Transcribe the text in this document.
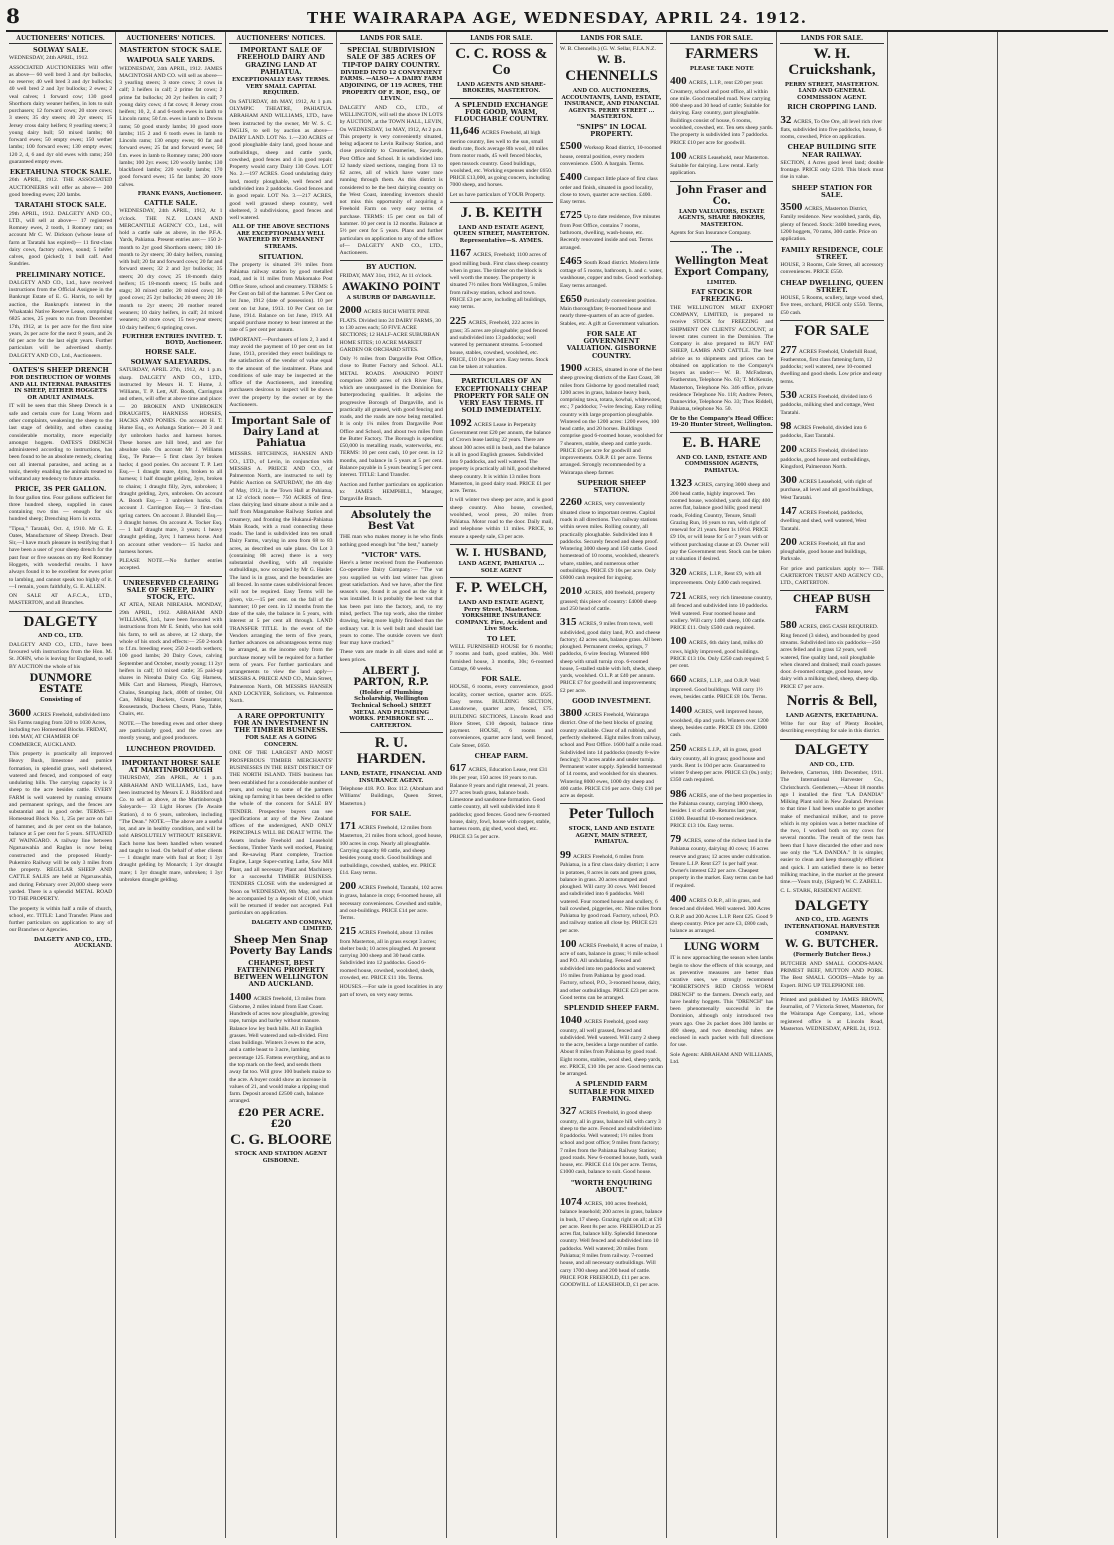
8	THE WAIRARAPA AGE, WEDNESDAY, APRIL 24. 1912.
AUCTIONEERS' NOTICES.
SOLWAY SALE.
WEDNESDAY, 24th APRIL, 1912.
ASSOCIATED AUCTIONEERS Will offer as above— 60 well bred 3 and 4yr bullocks, no reserve; 40 well bred 3 and 4yr bullocks; 40 well bred 2 and 3yr bullocks; 2 ewes; 2 veal calves; 1 forward cow; 130 good Shorthorn dairy weaner heifers, in lots to suit purchasers; 12 forward cows; 20 store cows; 3 steers; 35 dry steers; 40 2yr steers; 15 Jersey cross dairy heifers; 8 yearling steers; 3 young dairy bull; 50 mixed lambs; 60 forward ewes; 50 empty ewes; 150 wether lambs; 100 forward ewes; 130 empty ewes; 120 2, 4, 6 and 4yr old ewes with rams; 250 guaranteed empty ewes.
EKETAHUNA STOCK SALE.
26th APRIL, 1912. THE ASSOCIATED AUCTIONEERS will offer as above— 200 good breeding ewes; 220 lambs.
TARATAHI STOCK SALE.
29th APRIL, 1912. DALGETY AND CO., LTD., will sell at above— 17 registered Romney ewes, 2 tooth, 1 Romney ram; on account Mr C. W. Dickson (whose lease of farm at Taratahi has expired)— 11 first-class dairy cows, factory calves, sound; 5 heifer calves, good (picked); 1 bull calf. And Sundries.
PRELIMINARY NOTICE.
DALGETY AND CO., Ltd., have received instructions from the Official Assignee in the Bankrupt Estate of E. G. Harris, to sell by auction, the Bankrupt's interest in the Whakataki Native Reserve Lease, comprising 6825 acres, 25 years to run from December 17th, 1912, at 1s per acre for the first nine years, 2s per acre for the next 8 years, and 2s 6d per acre for the last eight years. Further particulars will be advertised shortly. DALGETY AND CO., Ltd., Auctioneers.
OATES'S SHEEP DRENCH
FOR DESTRUCTION OF WORMS AND ALL INTERNAL PARASITES IN SHEEP, EITHER HOGGETS OR ADULT ANIMALS.
IT will be seen that this Sheep Drench is a safe and certain cure for Lung Worm and other complaints, weakening the sheep to the last stage of debility, and often causing considerable mortality, more especially amongst hoggets. OATES'S DRENCH administered according to instructions, has been found to be an absolute remedy, clearing out all internal parasites, and acting as a tonic, thereby enabling the animals treated to withstand any tendency to future attacks.
PRICE, 3S PER GALLON.
In four gallon tins. Four gallons sufficient for three hundred sheep, supplied in cases containing two tins — enough for six hundred sheep; Drenching Horn 1s extra.
"Tipua," Taratahi, Oct. 4, 1910. Mr G. E. Oates, Manufacturer of Sheep Drench. Dear Sir,—I have much pleasure in testifying that I have been a user of your sheep drench for the past four or five seasons on my Red Romney Hoggets, with wonderful results. I have always found it to be excellent for ewes prior to lambing, and cannot speak too highly of it.—I remain, yours faithfully, G. E. ALLEN.
ON SALE AT A.F.C.A., LTD., MASTERTON, and all Branches.
DALGETY
AND CO., LTD.
DALGETY AND CO., LTD., have been favoured with instructions from the Hon. M. St. JOHN, who is leaving for England, to sell BY AUCTION the whole of his
DUNMORE ESTATE
Consisting of
3600 ACRES Freehold, subdivided into Six Farms ranging from 320 to 1030 Acres, including two Homestead Blocks. FRIDAY, 10th MAY, AT CHAMBER OF COMMERCE, AUCKLAND.
This property is practically all improved Heavy Bush, limestone and pumice formation, in splendid grass, well sheltered, watered and fenced, and composed of easy undulating hills. The carrying capacity is 3 sheep to the acre besides cattle. EVERY FARM is well watered by running streams and permanent springs, and the fences are substantial and in good order. TERMS.—Homestead Block No. 1, 25s per acre on fall of hammer, and 4s per cent on the balance, balance at 5 per cent for 5 years. SITUATED AT WAINGARO. A railway line between Ngaruawahia and Raglan is now being constructed and the proposed Huntly-Pukemiro Railway will be only 3 miles from the property. REGULAR SHEEP AND CATTLE SALES are held at Ngaruawahia, and during February over 20,000 sheep were yarded. There is a splendid METAL ROAD TO THE PROPERTY.
The property is within half a mile of church, school, etc. TITLE: Land Transfer. Plans and further particulars on application to any of our Branches or Agencies.
DALGETY AND CO., LTD., AUCKLAND.
AUCTIONEERS' NOTICES.
MASTERTON STOCK SALE.
WAIPOUA SALE YARDS.
WEDNESDAY, 24th APRIL, 1912. JAMES MACINTOSH AND CO. will sell as above— 3 yearling steers; 3 store cows; 3 cows in calf; 3 heifers in calf; 2 prime fat cows; 2 prime fat bullocks; 20 2yr heifers in calf; 7 young dairy cows; 4 fat cows; 8 Jersey cross heifers; 10, 2, 4 and 6-tooth ewes in lamb to Lincoln rams; 50 f.m. ewes in lamb to Downs rams; 50 good sturdy lambs; 10 good store lambs; 115 2 and 6 tooth ewes in lamb to Lincoln rams; 130 empty ewes; 60 fat and forward ewes; 25 fat and forward ewes; 50 f.m. ewes in lamb to Romney rams; 200 store lambs; 100 2yr. ewes; 120 woolly lambs; 130 blackfaced lambs; 220 woolly lambs; 170 good forward ewes; 15 fat lambs; 20 store calves.
FRANK EVANS, Auctioneer.
CATTLE SALE.
WEDNESDAY, 24th APRIL, 1912, At 1 o'clock. THE N.Z. LOAN AND MERCANTILE AGENCY CO., Ltd., will hold a cattle sale as above, in the P.F.A. Yards, Pahiatua. Present entries are:— 150 2-month to 2yr good Shorthorn steers; 180 18-month to 2yr steers; 30 dairy heifers, running with bull; 20 fat and forward cows; 20 fat and forward steers; 32 2 and 3yr bullocks; 35 steers; 20 dry cows; 25 18-month dairy heifers; 15 18-month steers; 15 bulls and stags; 30 mixed cattle; 20 mixed cows; 30 good cows; 25 2yr bullocks; 20 steers; 20 18-month to 2yr steers; 20 mother reared weaners; 10 dairy heifers, in calf; 24 mixed weaners; 20 store cows; 15 two-year steers; 10 dairy heifers; 6 springing cows.
FURTHER ENTRIES INVITED. T. BOYD, Auctioneer.
HORSE SALE.
SOLWAY SALEYARDS.
SATURDAY, APRIL 27th, 1912, At 1 p.m. sharp. DALGETY AND CO., LTD., instructed by Messrs H. T. Hume, J. Williams, T. P. Lett, Alf. Booth, Carrington and others, will offer at above time and place:— 20 BROKEN AND UNBROKEN DRAUGHTS, HARNESS HORSES, HACKS AND PONIES. On account H. T. Hume Esq., ex Aohanga Station— 20 3 and 4yr unbroken hacks and harness horses. These horses are hill bred, and are for absolute sale. On account Mr J. Williams Esq., Te Parae— 5 first class 3yr broken hacks; 4 good ponies. On account T. P. Lett Esq.— 1 draught mare, 4yrs, broken to all harness; 1 half draught gelding, 3yrs, broken to chains; 1 draught filly, 2yrs, unbroken; 1 draught gelding, 2yrs, unbroken. On account A. Booth Esq.— 3 unbroken hacks. On account J. Carrington Esq.— 3 first-class spring carters. On account J. Blundell Esq.— 3 draught horses. On account A. Tocker Esq.— 1 half draught mare, 3 years; 1 heavy draught gelding, 3yrs; 1 harness horse. And on account other vendors— 15 hacks and harness horses.
PLEASE NOTE.—No further entries accepted.
UNRESERVED CLEARING SALE OF SHEEP, DAIRY STOCK, ETC.
AT ATEA, NEAR NIREAHA. MONDAY, 29th APRIL, 1912. ABRAHAM AND WILLIAMS, Ltd., have been favoured with instructions from Mr E. Smith, who has sold his farm, to sell as above, at 12 sharp, the whole of his stock and effects:— 250 2-tooth to f.f.m. breeding ewes; 250 2-tooth wethers; 100 good lambs; 20 Dairy Cows, calving September and October, mostly young; 11 2yr heifers in calf; 10 mixed cattle; 35 paid-up shares in Nireaha Dairy Co. Gig Harness, Milk Cart and Harness, Plough, Harrows, Chains, Stumping Jack, 400ft of timber, Oil Can, Milking Buckets, Cream Separator, Rousestands, Duchess Chests, Piano, Table, Chairs, etc.
NOTE.—The breeding ewes and other sheep are particularly good, and the cows are mostly young, and good producers.
LUNCHEON PROVIDED.
IMPORTANT HORSE SALE AT MARTINBOROUGH
THURSDAY, 25th APRIL, At 1 p.m. ABRAHAM AND WILLIAMS, Ltd., have been instructed by Messrs E. J. Riddiford and Co. to sell as above, at the Martinborough Saleyards— 33 Light Horses (Te Awaite Station), 4 to 6 years, unbroken, including "The Dean." NOTE.—The above are a useful lot, and are in healthy condition, and will be sold ABSOLUTELY WITHOUT RESERVE. Each horse has been handled when weaned and taught to lead. On behalf of other clients— 1 draught mare with foal at foot; 1 3yr draught gelding by Monarch; 1 3yr draught mare; 1 3yr draught mare, unbroken; 1 3yr unbroken draught gelding.
AUCTIONEERS' NOTICES.
IMPORTANT SALE OF FREEHOLD DAIRY AND GRAZING LAND AT PAHIATUA.
EXCEPTIONALLY EASY TERMS. VERY SMALL CAPITAL REQUIRED.
On SATURDAY, 4th MAY, 1912, At 1 p.m. OLYMPIC THEATRE, PAHIATUA. ABRAHAM AND WILLIAMS, LTD., have been instructed by the owner, Mr W. S. C. INGLIS, to sell by auction as above— DAIRY LAND. LOT No. 1.—230 ACRES of good ploughable dairy land, good house and outbuildings, sheep and cattle yards, cowshed, good fences and 4 in good repair. Property would carry Dairy 130 Cows. LOT No. 2.—197 ACRES. Good undulating dairy land, mostly ploughable, well fenced and subdivided into 2 paddocks. Good fences and in good repair. LOT No. 3.—217 ACRES, good well grassed sheep country, well sheltered, 3 subdivisions, good fences and well watered.
ALL OF THE ABOVE SECTIONS ARE EXCEPTIONALLY WELL WATERED BY PERMANENT STREAMS.
SITUATION.
The property is situated 3½ miles from Pahiatua railway station by good metalled road, and is 11 miles from Makomako Post Office Store, school and creamery. TERMS: 5 Per Cent on fall of the hammer. 5 Per Cent on 1st June, 1912 (date of possession). 10 per cent on 1st June, 1913. 10 Per Cent on 1st June, 1914. Balance on 1st June, 1919. All unpaid purchase money to bear interest at the rate of 5 per cent per annum.
IMPORTANT.—Purchasers of lots 2, 3 and 4 may avoid the payment of 10 per cent on 1st June, 1913, provided they erect buildings to the satisfaction of the vendor of value equal to the amount of the instalment. Plans and conditions of sale may be inspected at the office of the Auctioneers, and intending purchasers desirous to inspect will be shown over the property by the owner or by the Auctioneers.
Important Sale of Dairy Land at Pahiatua
MESSRS. HITCHINGS, HANSEN AND CO., LTD., of Levin, in conjunction with MESSRS A. PRIECE AND CO., of Palmerston North, are instructed to sell by Public Auction on SATURDAY, the 4th day of May, 1912, in the Town Hall at Pahiatua, at 12 o'clock noon— 750 ACRES of first-class dairying land situate about a mile and a half from Mangamahoe Railway Station and creamery, and fronting the Hukanui-Pahiatua Main Roads, with a road connecting these roads. The land is subdivided into ten small Dairy Farms, varying in area from 68 to 83 acres, as described on sale plans. On Lot 3 (containing 88 acres) there is a very substantial dwelling, with all requisite outbuildings, now occupied by Mr G. Hasler. The land is in grass, and the boundaries are all fenced. In some cases subdivisional fences will not be required. Easy Terms will be given, viz.—15 per cent. on the fall of the hammer; 10 per cent. in 12 months from the date of the sale, the balance in 5 years, with interest at 5 per cent all through. LAND TRANSFER TITLE. In the event of the Vendors arranging the term of five years, further advances on advantageous terms may be arranged, as the income only from the purchase money will be required for a further term of years. For further particulars and arrangements to view the land apply— MESSRS A. PRIECE AND CO., Main Street, Palmerston North, OR MESSRS HANSEN AND LOCKYER, Solicitors, vs. Palmerston North.
A RARE OPPORTUNITY FOR AN INVESTMENT IN THE TIMBER BUSINESS.
FOR SALE AS A GOING CONCERN.
ONE OF THE LARGEST AND MOST PROSPEROUS TIMBER MERCHANTS' BUSINESSES IN THE BEST DISTRICT OF THE NORTH ISLAND. THIS business has been established for a considerable number of years, and owing to some of the partners taking up farming it has been decided to offer the whole of the concern for SALE BY TENDER. Prospective buyers can see specifications at any of the New Zealand offices of the undersigned, AND ONLY PRINCIPALS WILL BE DEALT WITH. The Assets include Freehold and Leasehold Sections, Timber Yards well stocked, Planing and Re-sawing Plant complete, Traction Engine, Large Super-cutting Lathe, Saw Mill Plant, and all necessary Plant and Machinery for a successful TIMBER BUSINESS. TENDERS CLOSE with the undersigned at Noon on WEDNESDAY, 8th May, and must be accompanied by a deposit of £100, which will be returned if tender not accepted. Full particulars on application.
DALGETY AND COMPANY, LIMITED.
Sheep Men Snap Poverty Bay Lands
CHEAPEST, BEST FATTENING PROPERTY BETWEEN WELLINGTON AND AUCKLAND.
1400 ACRES freehold, 13 miles from Gisborne, 2 miles inland from East Coast. Hundreds of acres now ploughable, growing rape, turnips and barley without manure. Balance low ley bush hills. All in English grasses. Well watered and sub-divided. First class buildings. Winters 3 ewes to the acre, and a cattle beast to 3 acre, lambing percentage 125. Fattens everything, and as to the top mark on the feed, and sends them away fat too. Will grow 100 bushels maize to the acre. A buyer could show an increase in values of 21, and would make a ripping stud farm. Deposit around £2500 cash, balance arranged.
£20 PER ACRE. £20
C. G. BLOORE
STOCK AND STATION AGENT GISBORNE.
LANDS FOR SALE.
SPECIAL SUBDIVISION SALE OF 385 ACRES OF TIP-TOP DAIRY COUNTRY.
DIVIDED INTO 12 CONVENIENT FARMS. —ALSO— A DAIRY FARM ADJOINING, OF 119 ACRES, THE PROPERTY OF F. ROE, ESQ., OF LEVIN.
DALGETY AND CO., LTD., of WELLINGTON, will sell the above IN LOTS by AUCTION, at the TOWN HALL, LEVIN, On WEDNESDAY, 1st MAY, 1912, At 2 p.m. This property is very conveniently situated, being adjacent to Levin Railway Station, and close proximity to Creameries, Sawyards, Post Office and School. It is subdivided into 12 handy sized sections, ranging from 13 to 62 acres, all of which have water race running through them. As this district is considered to be the best dairying country on the West Coast, intending investors should not miss this opportunity of acquiring a Freehold Farm on very easy terms of purchase. TERMS: 15 per cent on fall of hammer. 10 per cent in 12 months. Balance at 5½ per cent for 5 years. Plans and further particulars on application to any of the offices of— DALGETY AND CO., LTD., Auctioneers.
BY AUCTION.
FRIDAY, MAY 31st, 1912, At 11 o'clock.
AWAKINO POINT
A SUBURB OF DARGAVILLE.
2000 ACRES RICH WHITE PINE FLATS. Divided into 24 DAIRY FARMS, 30 to 130 acres each; 50 FIVE ACRE SECTIONS; 12 HALF-ACRE SUBURBAN HOME SITES; 10 ACRE MARKET GARDEN OR ORCHARD SITES.
Only ½ miles from Dargaville Post Office, close to Butter Factory and School. ALL METAL ROADS. AWAKINO POINT comprises 2000 acres of rich River Flats, which are unsurpassed in the Dominion for butterproducing qualities. It adjoins the progressive Borough of Dargaville, and is practically all grassed, with good fencing and roads, and the roads are now being metalled. It is only 1¼ miles from Dargaville Post Office and School, and about two miles from the Butter Factory. The Borough is spending £50,000 in metalling roads, waterworks, etc. TERMS: 10 per cent cash, 10 per cent. in 12 months, and balance in 5 years at 5 per cent. Balance payable in 5 years bearing 5 per cent. interest. TITLE: Land Transfer.
Auction and further particulars on application to: JAMES HEMPHILL, Manager, Dargaville Branch.
Absolutely the Best Vat
THE man who makes money is he who finds nothing good enough but "the best," namely
"VICTOR" VATS.
Here's a letter received from the Featherston Co-operative Dairy Company:— "The vat you supplied us with last winter has given great satisfaction. And we have, after the first season's use, found it as good as the day it was installed. It is probably the best vat that has been put into the factory, and, to my mind, perfect. The top work, also the timber drawing, being more highly finished than the ordinary vat. It is well built and should last years to come. The outside covers we don't fear may have cracked."
These vats are made in all sizes and sold at keen prices.
ALBERT J. PARTON, R.P.
(Holder of Plumbing Scholarship, Wellington Technical School.) SHEET METAL AND PLUMBING WORKS. PEMBROKE ST. ... CARTERTON.
R. U. HARDEN.
LAND, ESTATE, FINANCIAL AND INSURANCE AGENT.
Telephone 418. P.O. Box 112. (Abraham and Williams' Buildings, Queen Street, Masterton.)
FOR SALE.
171 ACRES Freehold, 12 miles from Masterton, 21 miles from school, good house, 100 acres in crop. Nearly all ploughable. Carrying capacity 80 cattle, and sheep besides young stock. Good buildings and outbuildings, cowshed, stables, etc. PRICE £14. Easy terms.
200 ACRES Freehold, Taratahi, 102 acres in grass, balance in crop; 6-roomed house, all necessary conveniences. Cowshed and stable, and out-buildings. PRICE £14 per acre. Terms.
215 ACRES Freehold, about 13 miles from Masterton, all in grass except 3 acres; shelter bush; 10 acres ploughed. At present carrying 300 sheep and 30 head cattle. Subdivided into 12 paddocks. Good 6-roomed house, cowshed, woolshed, sheds, crowded, etc. PRICE £11 10s. Terms.
HOUSES.—For sale in good localities in any part of town, on very easy terms.
LANDS FOR SALE.
C. C. ROSS & Co
LAND AGENTS AND SHARE-BROKERS, MASTERTON.
A SPLENDID EXCHANGE FOR GOOD, WARM, FLOUCHABLE COUNTRY.
11,646 ACRES Freehold, all high merino country, lies well to the sun, small death rate, flock average 8lb wool, 40 miles from motor roads, 45 well fenced blocks, open tussock country. Good buildings, woolshed, etc. Working expenses under £650. PRICE £13,000, as going concern, including 7000 sheep, and horses.
Let us have particulars of YOUR Property.
J. B. KEITH
LAND AND ESTATE AGENT, QUEEN STREET, MASTERTON. Representative—S. AYMES.
1167 ACRES, Freehold; 1100 acres of good milling bush. First class sheep country when in grass. The timber on the block is well worth the money. The property is situated 7½ miles from Wellington, 5 miles from railway station, school and town. PRICE £3 per acre, including all buildings, easy terms.
225 ACRES, Freehold, 222 acres in grass; 35 acres are ploughable; good fenced and subdivided into 13 paddocks; well watered by permanent streams. 5-roomed house, stables, cowshed, woolshed, etc. PRICE, £10 10s per acre. Easy terms. Stock can be taken at valuation.
PARTICULARS OF AN EXCEPTIONALLY CHEAP PROPERTY FOR SALE ON VERY EASY TERMS. IT SOLD IMMEDIATELY.
1092 ACRES Lease in Perpetuity Government rent £20 per annum, the balance of Crown lease lasting 22 years. There are about 300 acres still in bush, and the balance is all in good English grasses. Subdivided into 9 paddocks, and well watered. The property is practically all hill, good sheltered sheep country. It is within 13 miles from Masterton, in good dairy road. PRICE £1 per acre. Terms.
It will winter two sheep per acre, and is good sheep country. Also house, cowshed, woolshed, wool press, 20 miles from Pahiatua. Motor road to the door. Daily mail, and telephone within 11 miles. PRICE, to ensure a speedy sale, £3 per acre.
W. I. HUSBAND,
LAND AGENT, PAHIATUA ... SOLE AGENT
F. P. WELCH,
LAND AND ESTATE AGENT, Perry Street, Masterton. YORKSHIRE INSURANCE COMPANY. Fire, Accident and Live Stock.
TO LET.
WELL FURNISHED HOUSE for 6 months; 7 rooms and bath, good stables, 30s. Well furnished house, 3 months, 30s; 6-roomed Cottage, 60 weeks.
FOR SALE.
HOUSE, 6 rooms, every convenience, good locality, corner section, quarter acre. £625. Easy terms. BUILDING SECTION, Lansdowne, quarter acre, fenced, £75. BUILDING SECTIONS, Lincoln Road and Blore Street, £10 deposit, balance time payment. HOUSE, 6 rooms and conveniences, quarter acre land, well fenced, Cole Street, £650.
CHEAP FARM.
617 ACRES, Education Lease, rent £31 10s per year, 150 acres 18 years to run. Balance 8 years and right renewal, 21 years. 277 acres bush grass, balance bush. Limestone and sandstone formation. Good cattle country, all well subdivided into 8 paddocks; good fences. Good new 6-roomed house, dairy, fowl, house with copper, stable, harness room, gig shed, wool shed, etc. PRICE £3 5s per acre.
LANDS FOR SALE.
W. B. Chennells.) (G. W. Sellar, F.I.A.N.Z.
W. B.
CHENNELLS
AND CO. AUCTIONEERS, ACCOUNTANTS, LAND, ESTATE, INSURANCE, AND FINANCIAL AGENTS. PERRY STREET ... MASTERTON.
"SNIPS" IN LOCAL PROPERTY.
£500 Worksop Road district, 10-roomed house, central position, every modern convenience. £500. A bargain. Terms.
£400 Compact little place of first class order and finish, situated in good locality, close to town, quarter acre section. £400. Easy terms.
£725 Up to date residence, five minutes from Post Office, contains 7 rooms, bathroom, dwelling, wash-house, etc. Recently renovated inside and out. Terms arranged.
£465 South Road district. Modern little cottage of 5 rooms, bathroom, h. and c. water, washhouse, copper and tubs. Good workshop. Easy terms arranged.
£650 Particularly convenient position. Main thoroughfare; 8-roomed house and nearly three-quarters of an acre of garden. Stables, etc. A gift at Government valuation.
FOR SALE AT GOVERNMENT VALUATION. GISBORNE COUNTRY.
1900 ACRES, situated in one of the best sheep growing districts of the East Coast, 38 miles from Gisborne by good metalled road; 1200 acres in grass, balance heavy bush, comprising tawa, totara, kowhai, whitewood, etc.; 7 paddocks; 7-wire fencing. Easy rolling country with large proportion ploughable. Wintered on the 1200 acres: 1200 ewes, 100 head cattle, and 20 horses. Buildings comprise good 6-roomed house, woolshed for 7 shearers, stable, sheep and cattle yards. PRICE £6 per acre for goodwill and improvements. O.R.P. £1 per acre. Terms arranged. Strongly recommended by a Wairarapa sheep farmer.
SUPERIOR SHEEP STATION.
2260 ACRES, very conveniently situated close to important centres. Capital roads in all directions. Two railway stations within seven miles. Rolling country, all practically ploughable. Subdivided into 8 paddocks. Securely fenced and sheep proof. Wintering 3000 sheep and 150 cattle. Good homestead of 10 rooms, woolshed, shearer's whare, stables, and numerous other outbuildings. PRICE £9 10s per acre. Only £6000 cash required for ingoing.
2010 ACRES, 400 freehold, property grassed; this piece of country: £4000 sheep and 250 head of cattle.
315 ACRES, 9 miles from town, well subdivided, good dairy land, P.O. and cheese factory; 42 acres oats, balance grass. All been ploughed. Permanent creeks, springs, 7 paddocks, 6 wire fencing. Wintered 800 sheep with small turnip crop. 6-roomed house, 5-stalled stable with loft, sheds, sheep yards, woolshed. O.L.P. at £40 per annum. PRICE £7 for goodwill and improvements; £2 per acre.
GOOD INVESTMENT.
3800 ACRES Freehold, Wairarapa district. One of the best blocks of grazing country available. Clear of all rubbish, and perfectly sheltered. Eight miles from railway, school and Post Office. 1600 half a mile road. Subdivided into 14 paddocks (mostly 8-wire fencing); 70 acres arable and under turnip. Permanent water supply. Splendid homestead of 14 rooms, and woolshed for six shearers. Wintering 8000 ewes, 1000 dry sheep and 400 cattle. PRICE £16 per acre. Only £10 per acre as deposit.
Peter Tulloch
STOCK, LAND AND ESTATE AGENT, MAIN STREET, PAHIATUA.
99 ACRES Freehold, 6 miles from Pahiatua, in a first class dairy district; 1 acre in potatoes, 8 acres in oats and green grass, balance in grass. 20 acres stumped and ploughed. Will carry 30 cows. Well fenced and subdivided into 6 paddocks. Well watered. Four roomed house and scullery, 6 bail cowshed, piggeries, etc. Nine miles from Pahiatua by good road. Factory, school, P.O. and railway station all close by. PRICE £21 per acre.
100 ACRES Freehold, 8 acres of maize, 1 acre of oats, balance in grass; ½ mile school and P.O. All undulating. Fenced and subdivided into ten paddocks and watered; 1½ miles from Pahiatua by good road. Factory, school, P.O., 3-roomed house, dairy, and other outbuildings. PRICE £23 per acre. Good terms can be arranged.
SPLENDID SHEEP FARM.
1040 ACRES Freehold, good easy country, all well grassed, fenced and subdivided. Well watered. Will carry 2 sheep to the acre, besides a large number of cattle. About 8 miles from Pahiatua by good road. Eight rooms, stables, wool shed, sheep yards, etc. PRICE, £10 10s per acre. Good terms can be arranged.
A SPLENDID FARM SUITABLE FOR MIXED FARMING.
327 ACRES Freehold, in good sheep country, all in grass, balance hill with carry 3 sheep to the acre. Fenced and subdivided into 8 paddocks. Well watered; 1½ miles from school and post office; 9 miles from factory; 7 miles from the Pahiatua Railway Station; good roads. New 6-roomed house, bath, wash house, etc. PRICE £14 10s per acre. Terms, £1000 cash, balance to suit. Good house.
"WORTH ENQUIRING ABOUT."
1074 ACRES, 100 acres freehold, balance leasehold; 200 acres in grass, balance in bush, 17 sheep. Grazing right on all; at £10 per acre. Rent 8s per acre. FREEHOLD at 25 acres flat, balance hilly. Splendid limestone country. Well fenced and subdivided into 10 paddocks. Well watered; 20 miles from Pahiatua; 8 miles from railway. 7-roomed house, and all necessary outbuildings. Will carry 1700 sheep and 200 head of cattle. PRICE FOR FREEHOLD, £11 per acre. GOODWILL of LEASEHOLD, £1 per acre.
LANDS FOR SALE.
FARMERS
PLEASE TAKE NOTE
400 ACRES, L.I.P., rent £20 per year. Creamery, school and post office, all within one mile. Good metalled road. Now carrying 800 sheep and 30 head of cattle; Suitable for dairying. Easy country, part ploughable. Buildings consist of house, 6 rooms, woolshed, cowshed, etc. Ten sets sheep yards. The property is subdivided into 7 paddocks. PRICE £10 per acre for goodwill.
100 ACRES Leasehold, near Masterton. Suitable for dairying. Low rental. Early application.
John Fraser and Co.
LAND VALUATORS, ESTATE AGENTS, SHARE BROKERS, MASTERTON.
Agents for Sun Insurance Company.
.. The .. Wellington Meat Export Company,
LIMITED.
FAT STOCK FOR FREEZING.
THE WELLINGTON MEAT EXPORT COMPANY, LIMITED, is prepared to receive STOCK for FREEZING and SHIPMENT ON CLIENTS' ACCOUNT, at lowest rates current in the Dominion. The Company is also prepared to BUY FAT SHEEP, LAMBS AND CATTLE. The best advice as to shipments and prices can be obtained on application to the Company's buyers as under:— W. B. McFadzean, Featherston, Telephone No. 63; T. McKenzie, Masterton, Telephone No. 346 office, private residence Telephone No. 118; Andrew Peters, Dannevirke, Telephone No. 33; Thos Riddell, Pahiatua, telephone No. 50.
Or to the Company's Head Office: 19-20 Hunter Street, Wellington.
E. B. HARE
AND CO. LAND, ESTATE AND COMMISSION AGENTS, PAHIATUA.
1323 ACRES, carrying 3000 sheep and 200 head cattle, highly improved. Ten roomed house, woolshed, yards and dip; 400 acres flat, balance good hills; good metal roads, Folding Country, Tenure, Small Grazing Run, 16 years to run, with right of renewal for 21 years. Rent 1s 10½d. PRICE £9 10s, or will lease for 5 or 7 years with or without purchasing clause at £9. Owner will pay the Government rent. Stock can be taken at valuation if desired.
320 ACRES, L.I.P., Rent £9, with all improvements. Only £400 cash required.
721 ACRES, very rich limestone country, all fenced and subdivided into 10 paddocks. Well watered. Four roomed house and scullery. Will carry 1400 sheep, 100 cattle. PRICE £11. Only £500 cash required.
100 ACRES, 6th dairy land, milks 40 cows, highly improved, good buildings. PRICE £13 10s. Only £250 cash required; 5 per cent.
660 ACRES, L.I.P., and O.R.P. Well improved. Good buildings. Will carry 1½ ewes, besides cattle. PRICE £8 10s. Terms.
1400 ACRES, well improved house, woolshed, dip and yards. Winters over 1200 sheep, besides cattle. PRICE £9 10s. £2000 cash.
250 ACRES L.I.P., all in grass, good dairy country, all in grass; good house and yards. Rent 1s 10d per acre. Guaranteed to winter 9 sheep per acre. PRICE £3 (0s.) only; £350 cash required.
986 ACRES, one of the best properties in the Pahiatua county, carrying 1800 sheep, besides 1 st of cattle. Returns last year, £1600. Beautiful 10-roomed residence. PRICE £13 10s. Easy terms.
79 ACRES, some of the richest land in the Pahiatua county, dairying 40 cows; 16 acres reserve and grass; 12 acres under cultivation. Tenure L.I.P. Rent £27 1s per half year. Owner's interest £22 per acre. Cheapest property in the market. Easy terms can be had if required.
400 ACRES O.R.P., all in grass, and fenced and divided. Well watered. 300 Acres O.R.P. and 200 Acres L.I.P. Rent £25. Good 9 sheep country. Price per acre £3, £800 cash, balance as arranged.
LUNG WORM
IT is now approaching the season when lambs begin to show the effects of this scourge, and as preventive measures are better than curative ones, we strongly recommend "ROBERTSON'S RED CROSS WORM DRENCH" to the farmers. Drench early, and have healthy hoggets. This "DRENCH" has been phenomenally successful in the Dominion, although only introduced two years ago. One 2s packet does 300 lambs or 400 sheep, and two drenching tubes are enclosed in each packet with full directions for use.
Sole Agents: ABRAHAM AND WILLIAMS, Ltd.
LANDS FOR SALE.
W. H. Cruickshank,
PERRY STREET, MASTERTON. LAND AND GENERAL COMMISSION AGENT.
RICH CROPPING LAND.
32 ACRES, To Ore Ore, all level rich river flats, subdivided into five paddocks, house, 6 rooms, cowshed, Price on application.
CHEAP BUILDING SITE NEAR RAILWAY.
SECTION, 4 Acres good level land; double frontage. PRICE only £210. This block must rise in value.
SHEEP STATION FOR SALE.
3500 ACRES, Masterton District, Family residence. New woolshed, yards, dip, plenty of fenced. Stock: 3400 breeding ewes, 1200 hoggets, 70 rams, 300 cattle. Price on application.
FAMILY RESIDENCE, COLE STREET.
HOUSE, 3 Rooms, Cole Street, all accessory conveniences. PRICE £550.
CHEAP DWELLING, QUEEN STREET.
HOUSE, 5 Rooms, scullery, large wood shed, five trees, orchard, PRICE only £550. Terms, £50 cash.
FOR SALE
277 ACRES Freehold, Underhill Road, Featherston, first class fattening farm, 12 paddocks; well watered, new 10-roomed dwelling and good sheds. Low price and easy terms.
530 ACRES Freehold, divided into 6 paddocks, milking shed and cottage, West Taratahi.
98 ACRES Freehold, divided into 6 paddocks, East Taratahi.
200 ACRES Freehold, divided into paddocks, good house and outbuildings, Kingsford, Palmerston North.
300 ACRES Leasehold, with right of purchase, all level and all good buildings, West Taratahi.
147 ACRES Freehold, paddocks, dwelling and shed, well watered, West Taratahi.
200 ACRES Freehold, all flat and ploughable, good house and buildings, Parkvale.
For price and particulars apply to— THE CARTERTON TRUST AND AGENCY CO., LTD., CARTERTON.
CHEAP BUSH FARM
580 ACRES, £865 CASH REQUIRED. Ring fenced (3 sides), and bounded by good streams. Subdivided into six paddocks—250 acres felled and in grass 12 years, well watered, fine quality land, soil ploughable when cleared and drained; mail coach passes door. 4-roomed cottage, good house, new dairy with a milking shed, sheep, sheep dip. PRICE £7 per acre.
Norris & Bell,
LAND AGENTS, EKETAHUNA.
Write for our Bay of Plenty Booklet, describing everything for sale in this district.
DALGETY
AND CO., LTD.
Belvedere, Carterton, 18th December, 1911. The International Harvester Co., Christchurch. Gentlemen,—About 18 months ago I installed the first "LA DANDIA" Milking Plant sold in New Zealand. Previous to that time I had been unable to get another make of mechanical milker, and to prove which is my opinion was a better machine of the two, I worked both on my cows for several months. The result of the tests has been that I have discarded the other and now use only the "LA DANDIA." It is simpler, easier to clean and keep thoroughly efficient and quick. I am satisfied there is no better milking machine, in the market at the present time.—Yours truly, (Signed) W. C. ZABELL.
C. L. STARK, RESIDENT AGENT.
DALGETY
AND CO., LTD. AGENTS INTERNATIONAL HARVESTER COMPANY.
W. G. BUTCHER.
(Formerly Butcher Bros.)
BUTCHER AND SMALL GOODS-MAN. PRIMEST BEEF, MUTTON AND PORK. The Best SMALL GOODS—Made by an Expert. RING UP TELEPHONE 180.
Printed and published by JAMES BROWN, Journalist, of 7 Victoria Street, Masterton, for the Wairarapa Age Company, Ltd., whose registered office is at Lincoln Road, Masterton. WEDNESDAY, APRIL 24, 1912.
